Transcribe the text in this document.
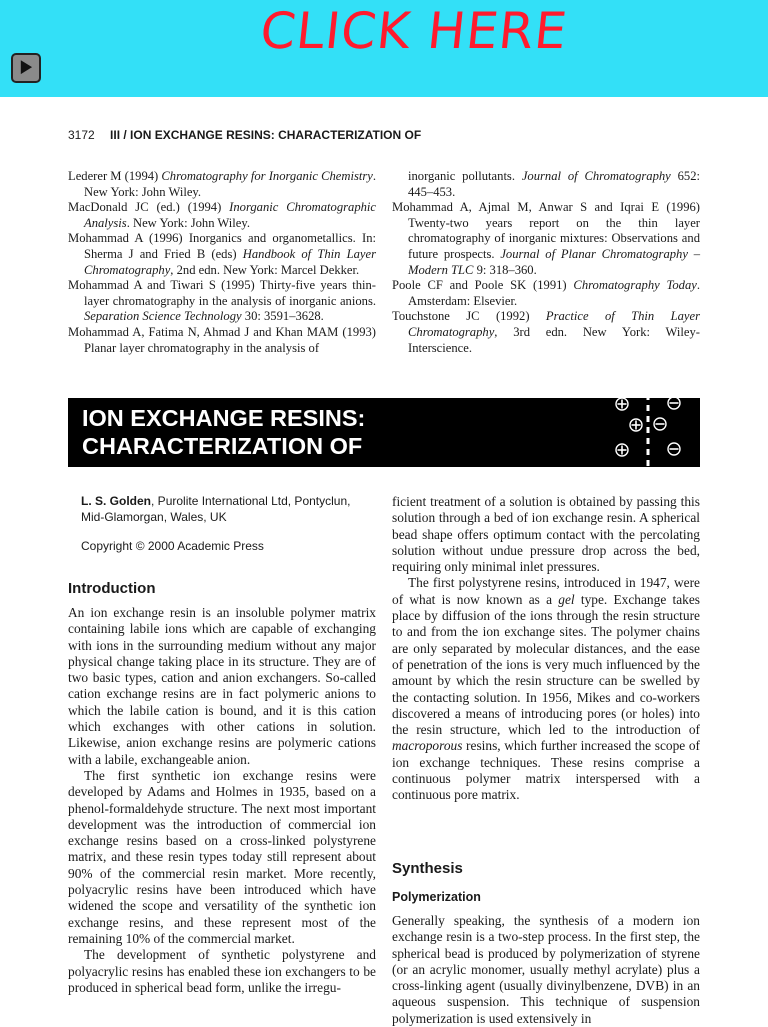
CLICK HERE
3172 III / ION EXCHANGE RESINS: CHARACTERIZATION OF
Lederer M (1994) Chromatography for Inorganic Chemistry. New York: John Wiley.
MacDonald JC (ed.) (1994) Inorganic Chromatographic Analysis. New York: John Wiley.
Mohammad A (1996) Inorganics and organometallics. In: Sherma J and Fried B (eds) Handbook of Thin Layer Chromatography, 2nd edn. New York: Marcel Dekker.
Mohammad A and Tiwari S (1995) Thirty-five years thin-layer chromatography in the analysis of inorganic anions. Separation Science Technology 30: 3591–3628.
Mohammad A, Fatima N, Ahmad J and Khan MAM (1993) Planar layer chromatography in the analysis of
inorganic pollutants. Journal of Chromatography 652: 445–453.
Mohammad A, Ajmal M, Anwar S and Iqrai E (1996) Twenty-two years report on the thin layer chromatography of inorganic mixtures: Observations and future prospects. Journal of Planar Chromatography – Modern TLC 9: 318–360.
Poole CF and Poole SK (1991) Chromatography Today. Amsterdam: Elsevier.
Touchstone JC (1992) Practice of Thin Layer Chromatography, 3rd edn. New York: Wiley-Interscience.
ION EXCHANGE RESINS:
CHARACTERIZATION OF
L. S. Golden, Purolite International Ltd, Pontyclun,
Mid-Glamorgan, Wales, UK
Copyright © 2000 Academic Press
Introduction

An ion exchange resin is an insoluble polymer matrix containing labile ions which are capable of exchanging with ions in the surrounding medium without any major physical change taking place in its structure. They are of two basic types, cation and anion exchangers. So-called cation exchange resins are in fact polymeric anions to which the labile cation is bound, and it is this cation which exchanges with other cations in solution. Likewise, anion exchange resins are polymeric cations with a labile, exchangeable anion.

The first synthetic ion exchange resins were developed by Adams and Holmes in 1935, based on a phenol-formaldehyde structure. The next most important development was the introduction of commercial ion exchange resins based on a cross-linked polystyrene matrix, and these resin types today still represent about 90% of the commercial resin market. More recently, polyacrylic resins have been introduced which have widened the scope and versatility of the synthetic ion exchange resins, and these represent most of the remaining 10% of the commercial market.

The development of synthetic polystyrene and polyacrylic resins has enabled these ion exchangers to be produced in spherical bead form, unlike the irregu-

ficient treatment of a solution is obtained by passing this solution through a bed of ion exchange resin. A spherical bead shape offers optimum contact with the percolating solution without undue pressure drop across the bed, requiring only minimal inlet pressures.

The first polystyrene resins, introduced in 1947, were of what is now known as a gel type. Exchange takes place by diffusion of the ions through the resin structure to and from the ion exchange sites. The polymer chains are only separated by molecular distances, and the ease of penetration of the ions is very much influenced by the amount by which the resin structure can be swelled by the contacting solution. In 1956, Mikes and co-workers discovered a means of introducing pores (or holes) into the resin structure, which led to the introduction of macroporous resins, which further increased the scope of ion exchange techniques. These resins comprise a continuous polymer matrix interspersed with a continuous pore matrix.

Synthesis
Polymerization

Generally speaking, the synthesis of a modern ion exchange resin is a two-step process. In the first step, the spherical bead is produced by polymerization of styrene (or an acrylic monomer, usually methyl acrylate) plus a cross-linking agent (usually divinylbenzene, DVB) in an aqueous suspension. This technique of suspension polymerization is used extensively in
